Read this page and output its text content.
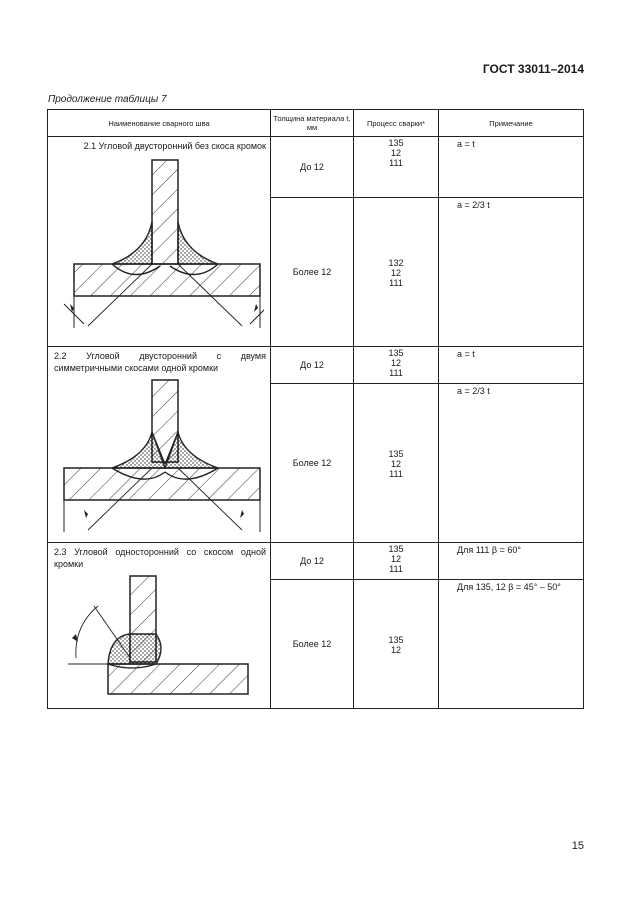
ГОСТ 33011–2014
Продолжение таблицы 7
Наименование сварного шва	Толщина материала t, мм	Процесс сварки*	Примечание

2.1 Угловой двусторонний без скоса кромок	До 12	135
12
111	a = t
	Более 12	132
12
111	a = 2/3 t

2.2 Угловой двусторонний с двумя симметричными скосами одной кромки	До 12	135
12
111	a = t
	Более 12	135
12
111	a = 2/3 t

2.3 Угловой односторонний со скосом одной кромки	До 12	135
12
111	Для 111 β = 60°
	Более 12	135
12	Для 135, 12 β = 45° – 50°
15
